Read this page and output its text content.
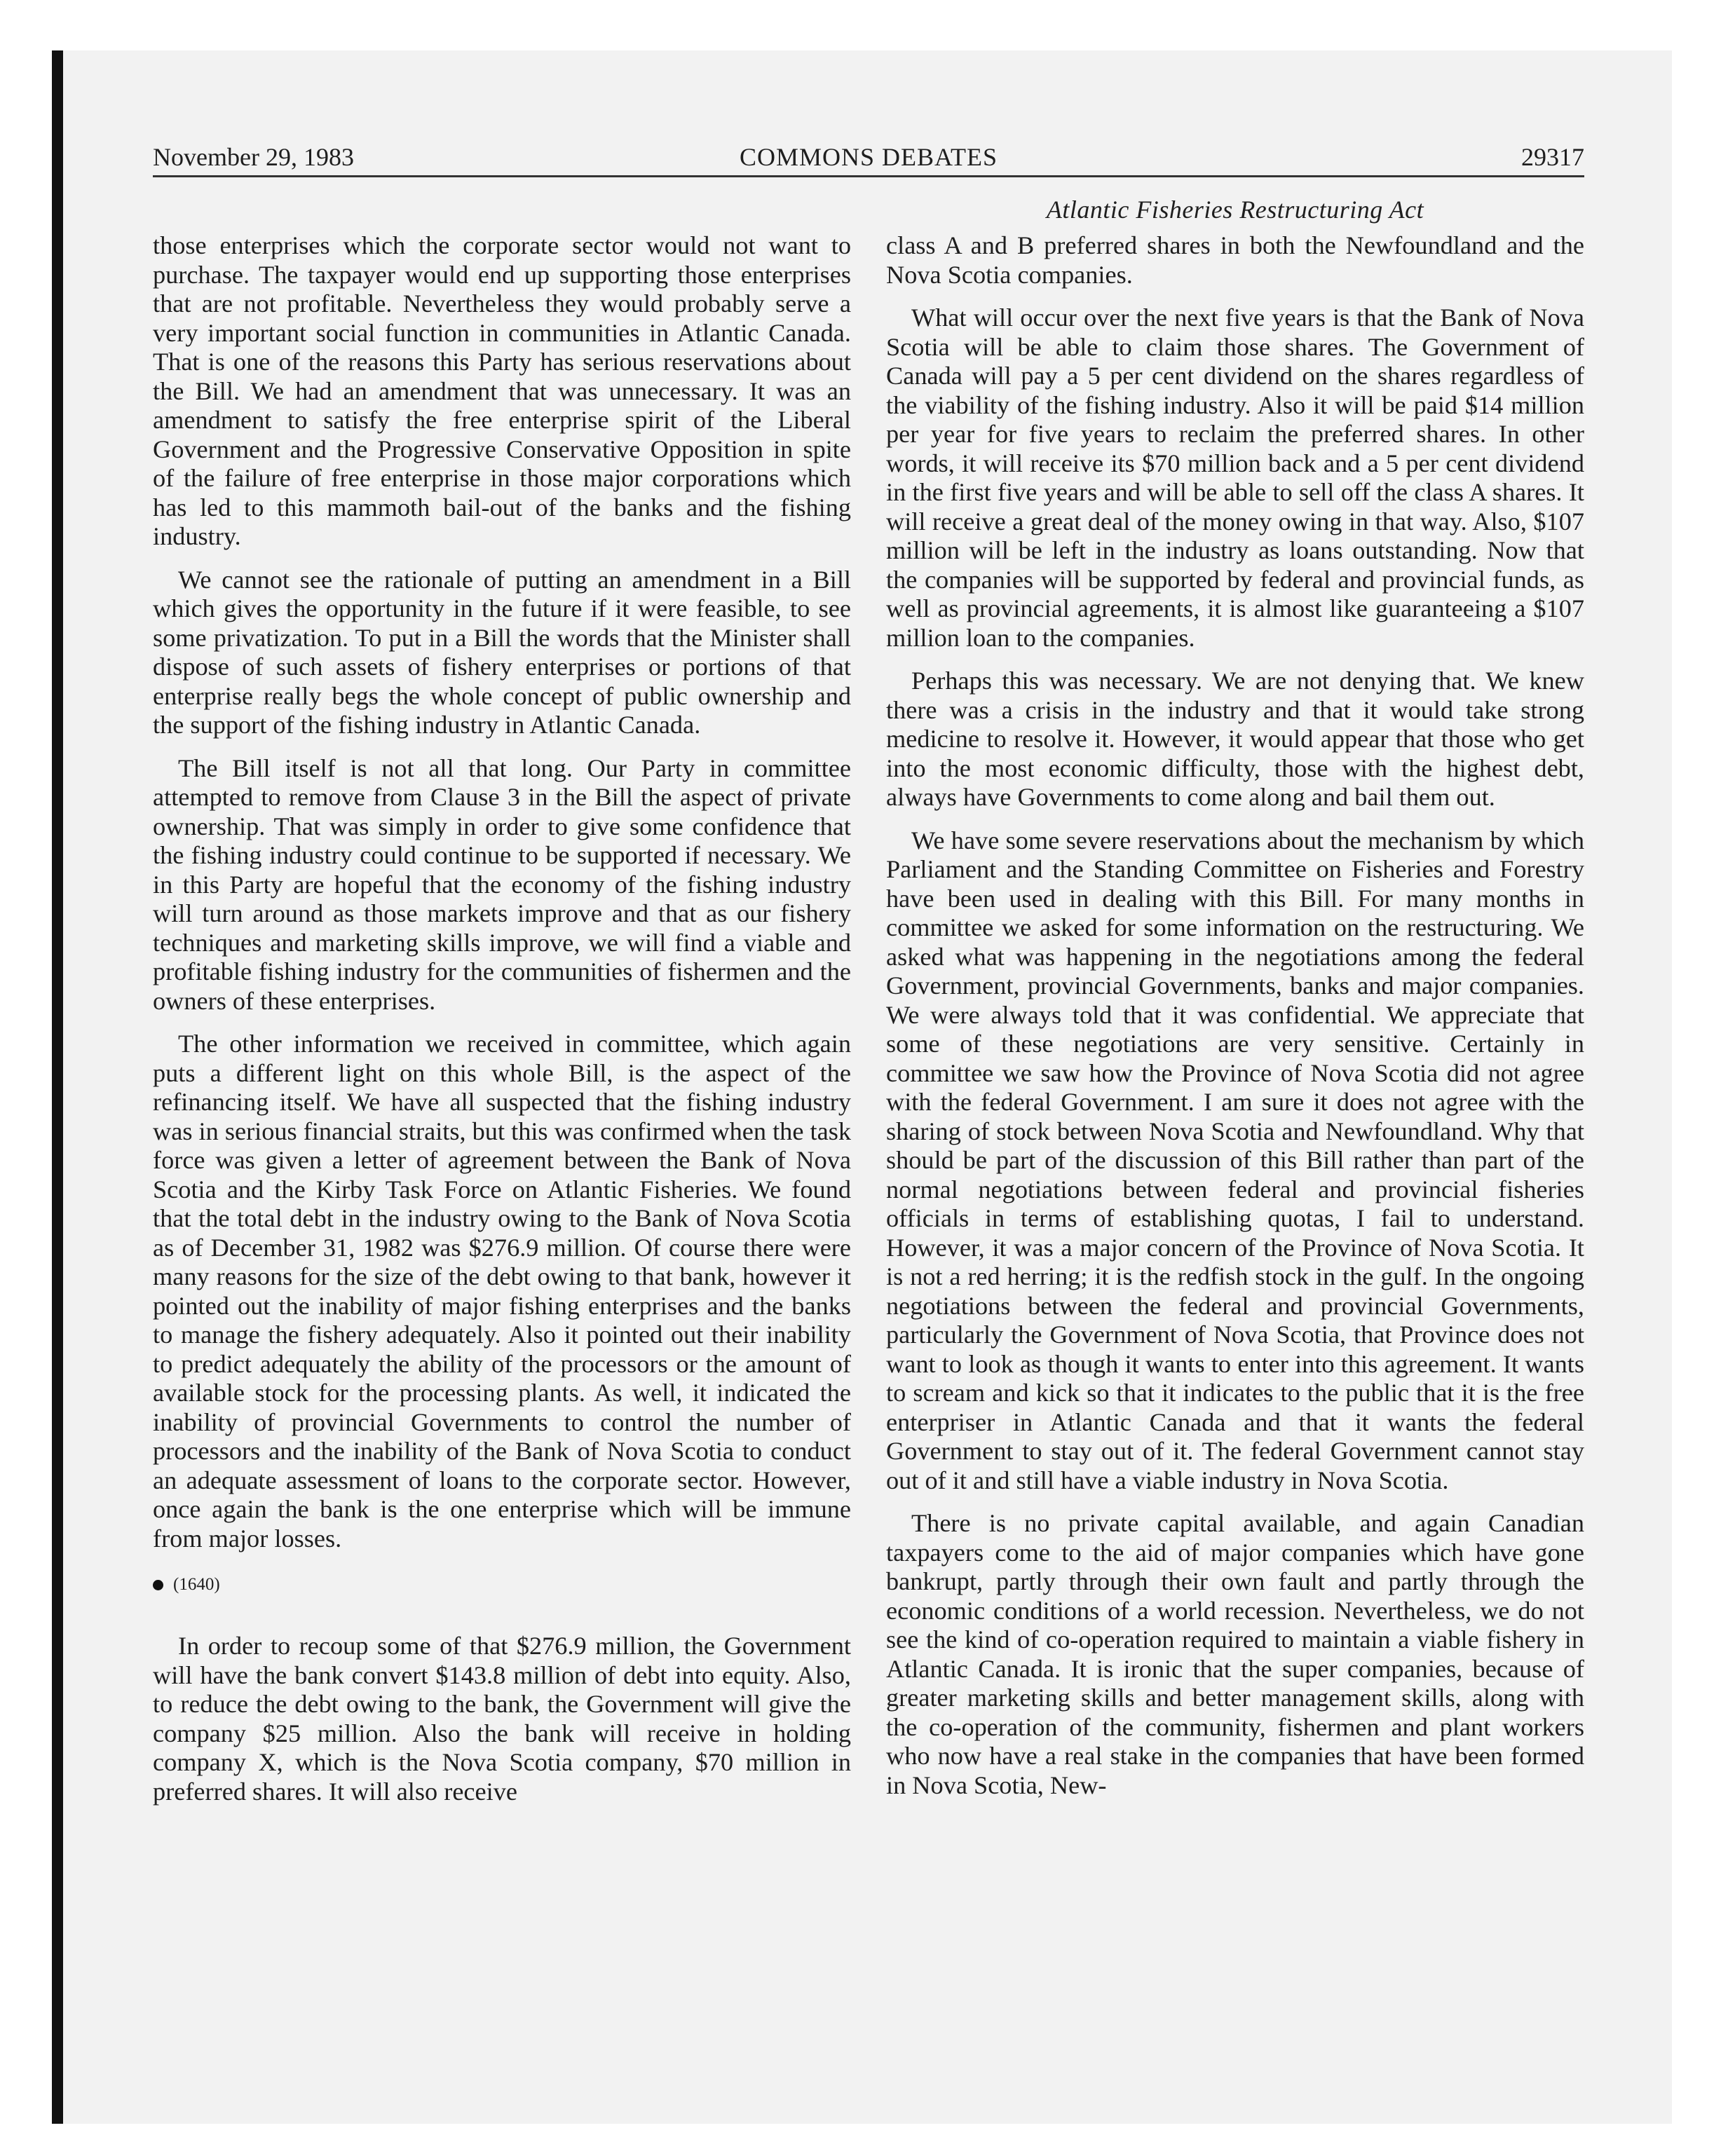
November 29, 1983	COMMONS DEBATES	29317

those enterprises which the corporate sector would not want to purchase. The taxpayer would end up supporting those enterprises that are not profitable. Nevertheless they would probably serve a very important social function in communities in Atlantic Canada. That is one of the reasons this Party has serious reservations about the Bill. We had an amendment that was unnecessary. It was an amendment to satisfy the free enterprise spirit of the Liberal Government and the Progressive Conservative Opposition in spite of the failure of free enterprise in those major corporations which has led to this mammoth bail-out of the banks and the fishing industry.

We cannot see the rationale of putting an amendment in a Bill which gives the opportunity in the future if it were feasible, to see some privatization. To put in a Bill the words that the Minister shall dispose of such assets of fishery enterprises or portions of that enterprise really begs the whole concept of public ownership and the support of the fishing industry in Atlantic Canada.

The Bill itself is not all that long. Our Party in committee attempted to remove from Clause 3 in the Bill the aspect of private ownership. That was simply in order to give some confidence that the fishing industry could continue to be supported if necessary. We in this Party are hopeful that the economy of the fishing industry will turn around as those markets improve and that as our fishery techniques and marketing skills improve, we will find a viable and profitable fishing industry for the communities of fishermen and the owners of these enterprises.

The other information we received in committee, which again puts a different light on this whole Bill, is the aspect of the refinancing itself. We have all suspected that the fishing industry was in serious financial straits, but this was confirmed when the task force was given a letter of agreement between the Bank of Nova Scotia and the Kirby Task Force on Atlantic Fisheries. We found that the total debt in the industry owing to the Bank of Nova Scotia as of December 31, 1982 was $276.9 million. Of course there were many reasons for the size of the debt owing to that bank, however it pointed out the inability of major fishing enterprises and the banks to manage the fishery adequately. Also it pointed out their inability to predict adequately the ability of the processors or the amount of available stock for the processing plants. As well, it indicated the inability of provincial Governments to control the number of processors and the inability of the Bank of Nova Scotia to conduct an adequate assessment of loans to the corporate sector. However, once again the bank is the one enterprise which will be immune from major losses.

(1640)

In order to recoup some of that $276.9 million, the Government will have the bank convert $143.8 million of debt into equity. Also, to reduce the debt owing to the bank, the Government will give the company $25 million. Also the bank will receive in holding company X, which is the Nova Scotia company, $70 million in preferred shares. It will also receive

Atlantic Fisheries Restructuring Act

class A and B preferred shares in both the Newfoundland and the Nova Scotia companies.

What will occur over the next five years is that the Bank of Nova Scotia will be able to claim those shares. The Government of Canada will pay a 5 per cent dividend on the shares regardless of the viability of the fishing industry. Also it will be paid $14 million per year for five years to reclaim the preferred shares. In other words, it will receive its $70 million back and a 5 per cent dividend in the first five years and will be able to sell off the class A shares. It will receive a great deal of the money owing in that way. Also, $107 million will be left in the industry as loans outstanding. Now that the companies will be supported by federal and provincial funds, as well as provincial agreements, it is almost like guaranteeing a $107 million loan to the companies.

Perhaps this was necessary. We are not denying that. We knew there was a crisis in the industry and that it would take strong medicine to resolve it. However, it would appear that those who get into the most economic difficulty, those with the highest debt, always have Governments to come along and bail them out.

We have some severe reservations about the mechanism by which Parliament and the Standing Committee on Fisheries and Forestry have been used in dealing with this Bill. For many months in committee we asked for some information on the restructuring. We asked what was happening in the negotiations among the federal Government, provincial Governments, banks and major companies. We were always told that it was confidential. We appreciate that some of these negotiations are very sensitive. Certainly in committee we saw how the Province of Nova Scotia did not agree with the federal Government. I am sure it does not agree with the sharing of stock between Nova Scotia and Newfoundland. Why that should be part of the discussion of this Bill rather than part of the normal negotiations between federal and provincial fisheries officials in terms of establishing quotas, I fail to understand. However, it was a major concern of the Province of Nova Scotia. It is not a red herring; it is the redfish stock in the gulf. In the ongoing negotiations between the federal and provincial Governments, particularly the Government of Nova Scotia, that Province does not want to look as though it wants to enter into this agreement. It wants to scream and kick so that it indicates to the public that it is the free enterpriser in Atlantic Canada and that it wants the federal Government to stay out of it. The federal Government cannot stay out of it and still have a viable industry in Nova Scotia.

There is no private capital available, and again Canadian taxpayers come to the aid of major companies which have gone bankrupt, partly through their own fault and partly through the economic conditions of a world recession. Nevertheless, we do not see the kind of co-operation required to maintain a viable fishery in Atlantic Canada. It is ironic that the super companies, because of greater marketing skills and better management skills, along with the co-operation of the community, fishermen and plant workers who now have a real stake in the companies that have been formed in Nova Scotia, New-
